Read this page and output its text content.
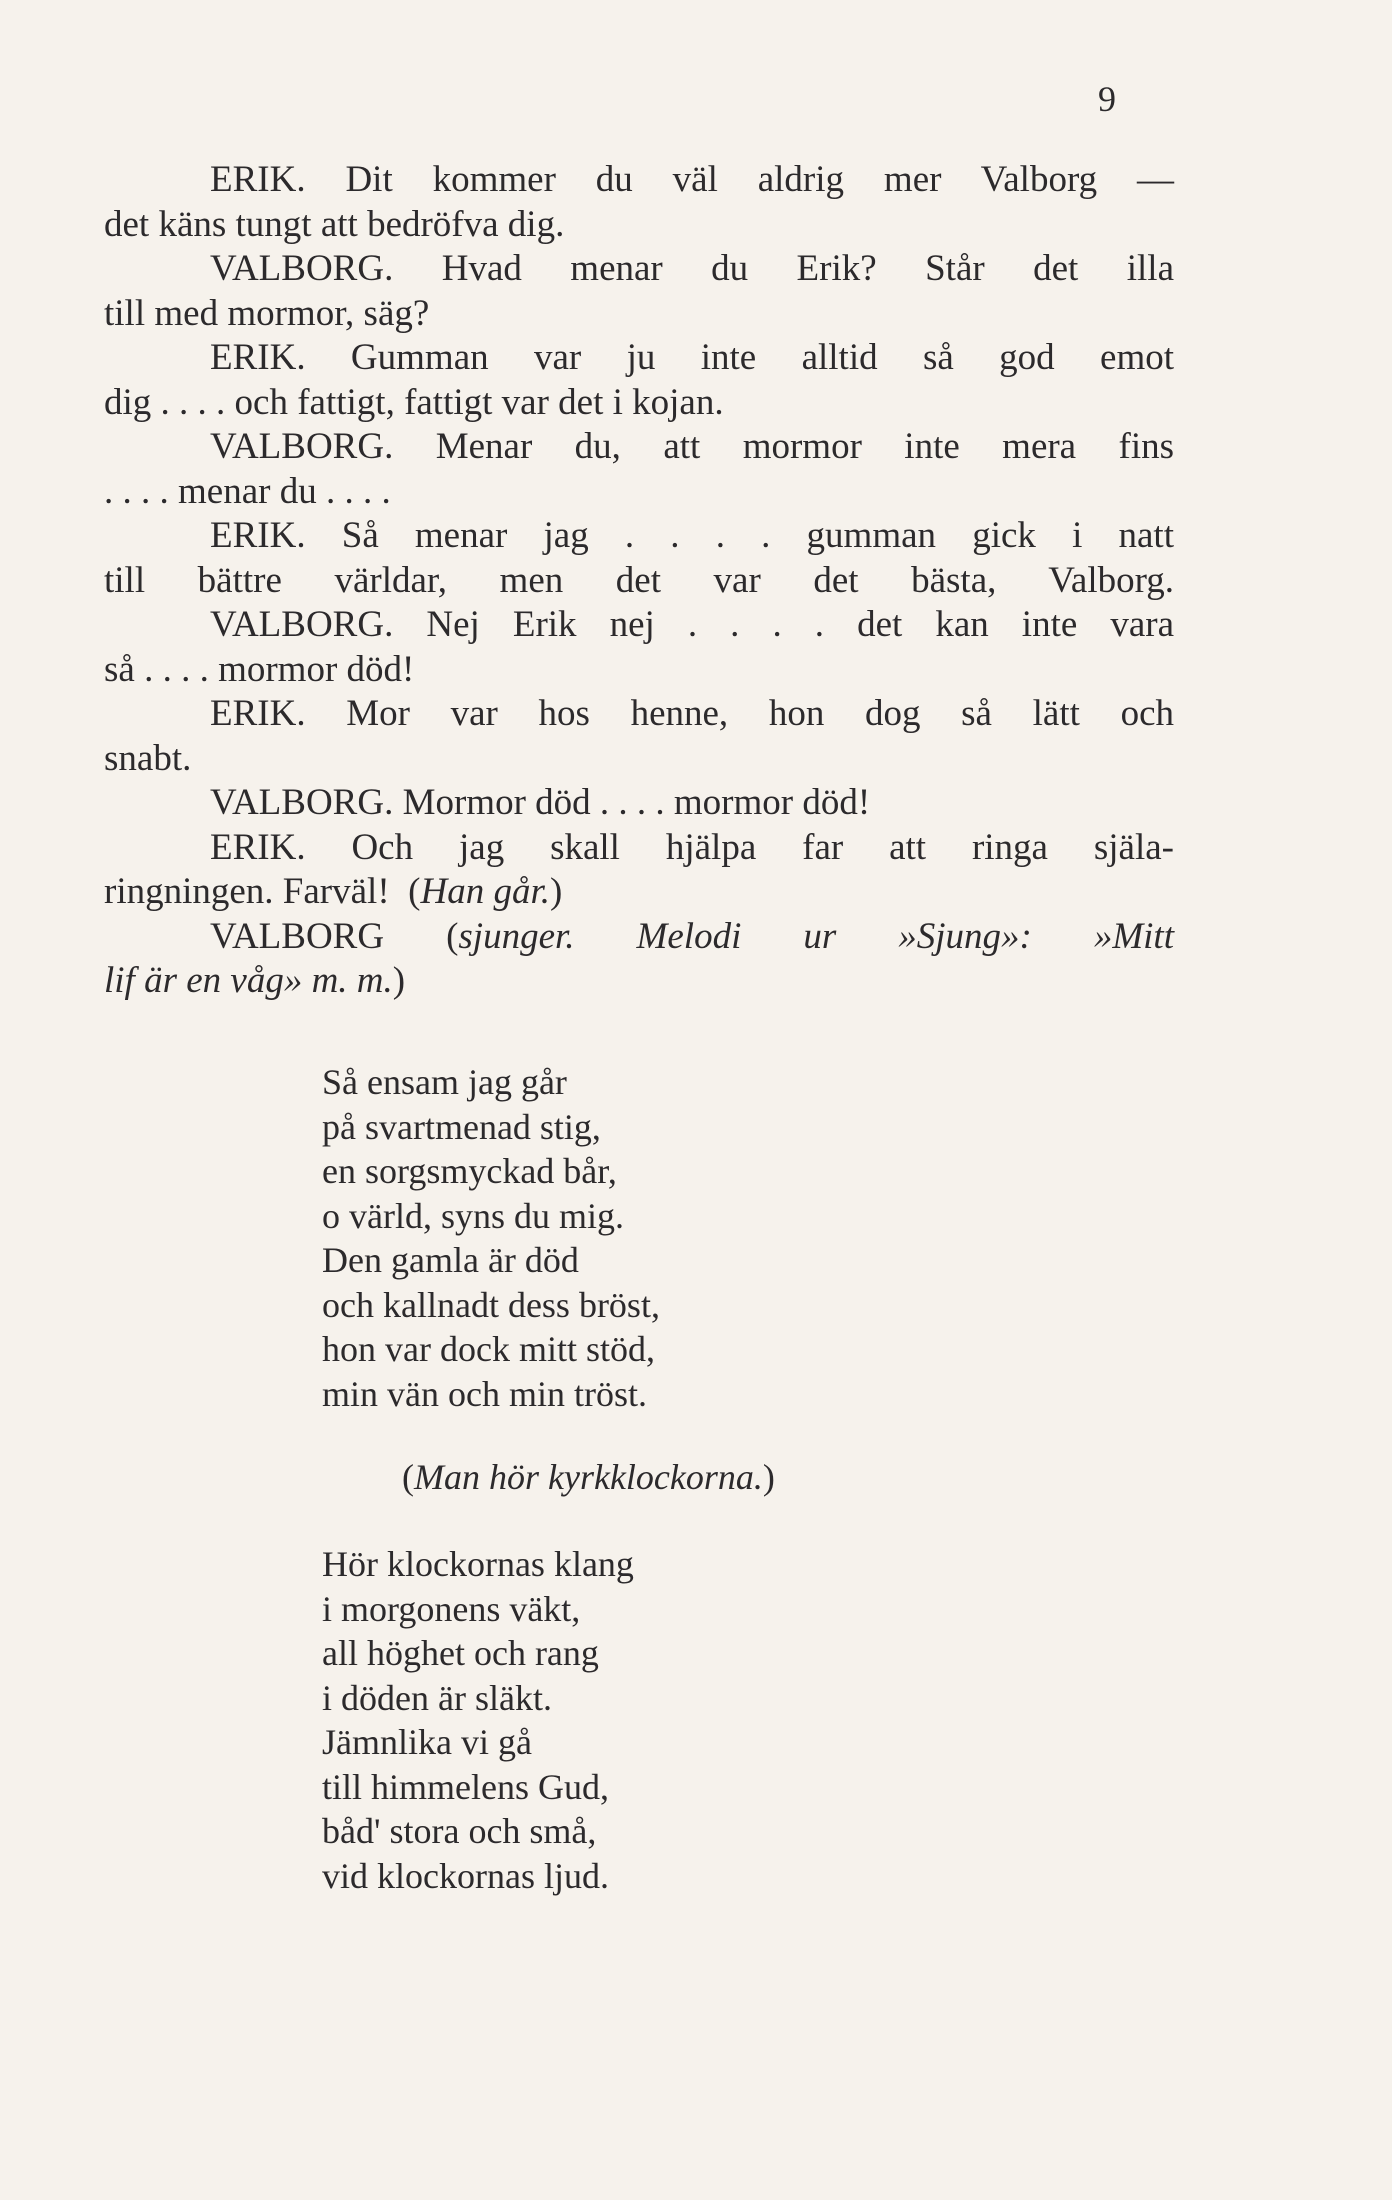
9
ERIK. Dit kommer du väl aldrig mer Valborg —
det käns tungt att bedröfva dig.
VALBORG. Hvad menar du Erik? Står det illa
till med mormor, säg?
ERIK. Gumman var ju inte alltid så god emot
dig . . . . och fattigt, fattigt var det i kojan.
VALBORG. Menar du, att mormor inte mera fins
. . . . menar du . . . .
ERIK. Så menar jag . . . . gumman gick i natt
till bättre världar, men det var det bästa, Valborg.
VALBORG. Nej Erik nej . . . . det kan inte vara
så . . . . mormor död!
ERIK. Mor var hos henne, hon dog så lätt och
snabt.
VALBORG. Mormor död . . . . mormor död!
ERIK. Och jag skall hjälpa far att ringa själa-
ringningen. Farväl!  (Han går.)
VALBORG (sjunger. Melodi ur »Sjung»: »Mitt
lif är en våg» m. m.)
Så ensam jag går
på svartmenad stig,
en sorgsmyckad bår,
o värld, syns du mig.
Den gamla är död
och kallnadt dess bröst,
hon var dock mitt stöd,
min vän och min tröst.
(Man hör kyrkklockorna.)
Hör klockornas klang
i morgonens väkt,
all höghet och rang
i döden är släkt.
Jämnlika vi gå
till himmelens Gud,
båd' stora och små,
vid klockornas ljud.
